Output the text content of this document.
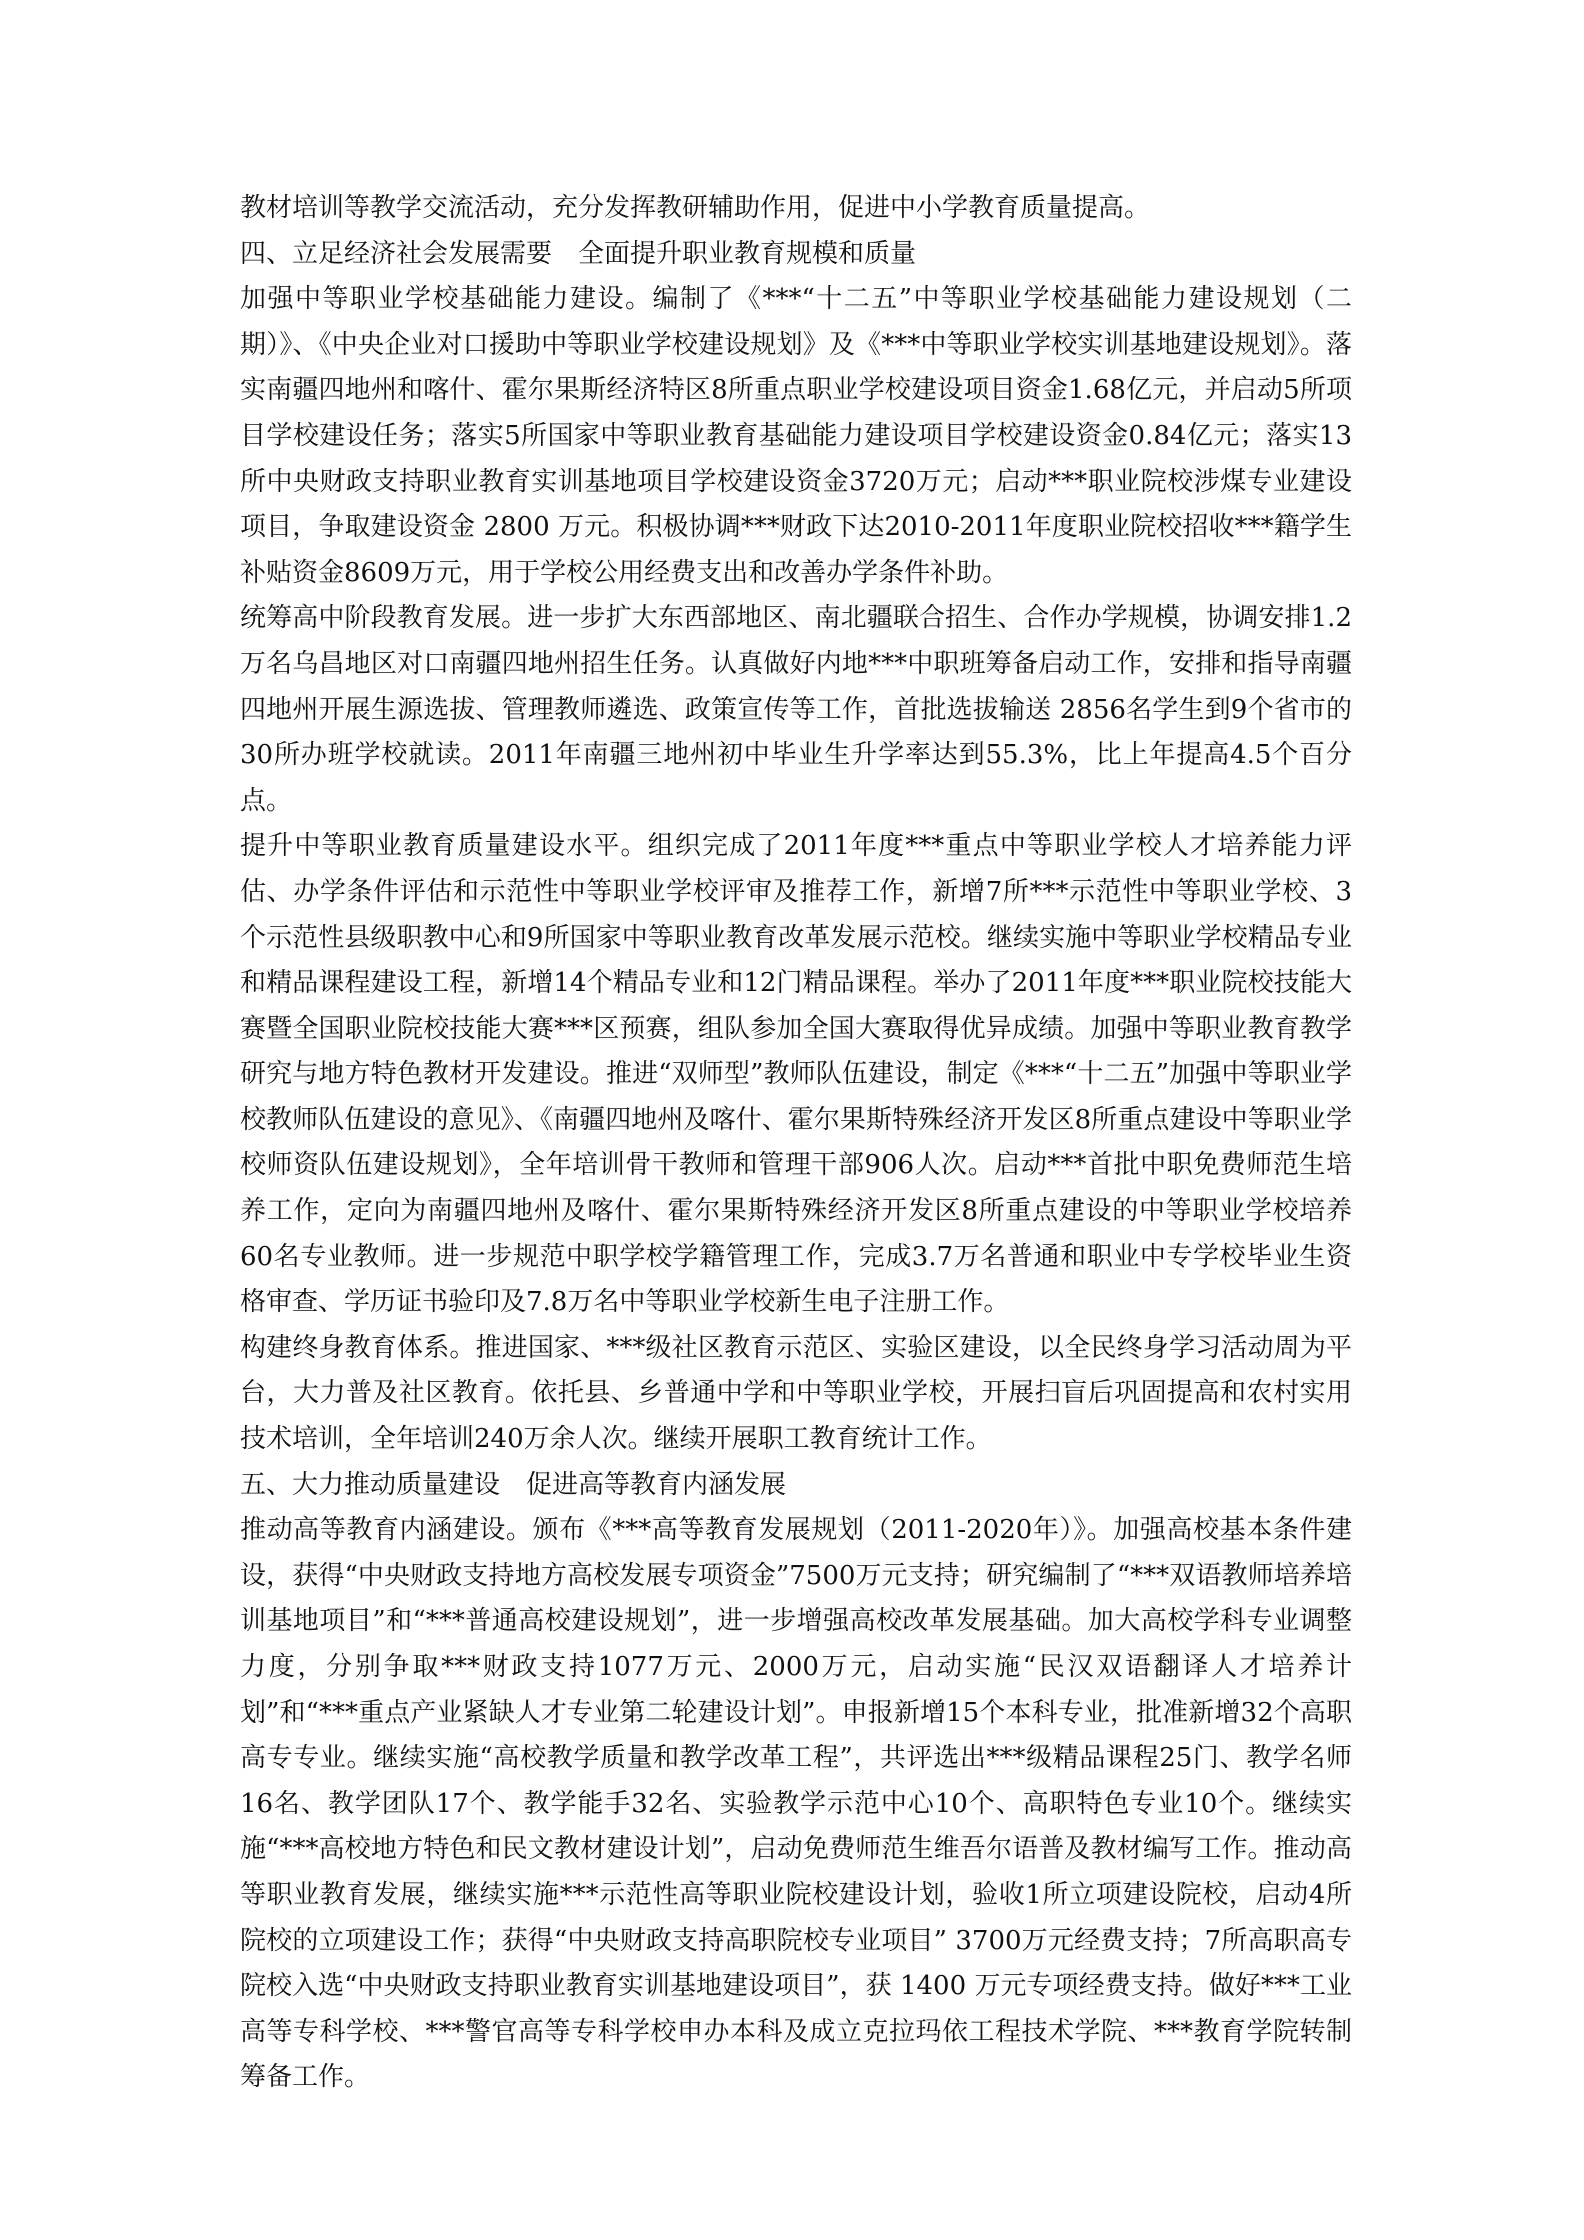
教材培训等教学交流活动，充分发挥教研辅助作用，促进中小学教育质量提高。

四、立足经济社会发展需要　全面提升职业教育规模和质量

加强中等职业学校基础能力建设。编制了《***“十二五”中等职业学校基础能力建设规划（二期）》、《中央企业对口援助中等职业学校建设规划》及《***中等职业学校实训基地建设规划》。落实南疆四地州和喀什、霍尔果斯经济特区8所重点职业学校建设项目资金1.68亿元，并启动5所项目学校建设任务；落实5所国家中等职业教育基础能力建设项目学校建设资金0.84亿元；落实13所中央财政支持职业教育实训基地项目学校建设资金3720万元；启动***职业院校涉煤专业建设项目，争取建设资金 2800 万元。积极协调***财政下达2010-2011年度职业院校招收***籍学生补贴资金8609万元，用于学校公用经费支出和改善办学条件补助。

统筹高中阶段教育发展。进一步扩大东西部地区、南北疆联合招生、合作办学规模，协调安排1.2万名乌昌地区对口南疆四地州招生任务。认真做好内地***中职班筹备启动工作，安排和指导南疆四地州开展生源选拔、管理教师遴选、政策宣传等工作，首批选拔输送 2856名学生到9个省市的30所办班学校就读。2011年南疆三地州初中毕业生升学率达到55.3%，比上年提高4.5个百分点。

提升中等职业教育质量建设水平。组织完成了2011年度***重点中等职业学校人才培养能力评估、办学条件评估和示范性中等职业学校评审及推荐工作，新增7所***示范性中等职业学校、3个示范性县级职教中心和9所国家中等职业教育改革发展示范校。继续实施中等职业学校精品专业和精品课程建设工程，新增14个精品专业和12门精品课程。举办了2011年度***职业院校技能大赛暨全国职业院校技能大赛***区预赛，组队参加全国大赛取得优异成绩。加强中等职业教育教学研究与地方特色教材开发建设。推进“双师型”教师队伍建设，制定《***“十二五”加强中等职业学校教师队伍建设的意见》、《南疆四地州及喀什、霍尔果斯特殊经济开发区8所重点建设中等职业学校师资队伍建设规划》，全年培训骨干教师和管理干部906人次。启动***首批中职免费师范生培养工作，定向为南疆四地州及喀什、霍尔果斯特殊经济开发区8所重点建设的中等职业学校培养60名专业教师。进一步规范中职学校学籍管理工作，完成3.7万名普通和职业中专学校毕业生资格审查、学历证书验印及7.8万名中等职业学校新生电子注册工作。

构建终身教育体系。推进国家、***级社区教育示范区、实验区建设，以全民终身学习活动周为平台，大力普及社区教育。依托县、乡普通中学和中等职业学校，开展扫盲后巩固提高和农村实用技术培训，全年培训240万余人次。继续开展职工教育统计工作。

五、大力推动质量建设　促进高等教育内涵发展

推动高等教育内涵建设。颁布《***高等教育发展规划（2011-2020年）》。加强高校基本条件建设，获得“中央财政支持地方高校发展专项资金”7500万元支持；研究编制了“***双语教师培养培训基地项目”和“***普通高校建设规划”，进一步增强高校改革发展基础。加大高校学科专业调整力度，分别争取***财政支持1077万元、2000万元，启动实施“民汉双语翻译人才培养计划”和“***重点产业紧缺人才专业第二轮建设计划”。申报新增15个本科专业，批准新增32个高职高专专业。继续实施“高校教学质量和教学改革工程”，共评选出***级精品课程25门、教学名师16名、教学团队17个、教学能手32名、实验教学示范中心10个、高职特色专业10个。继续实施“***高校地方特色和民文教材建设计划”，启动免费师范生维吾尔语普及教材编写工作。推动高等职业教育发展，继续实施***示范性高等职业院校建设计划，验收1所立项建设院校，启动4所院校的立项建设工作；获得“中央财政支持高职院校专业项目” 3700万元经费支持；7所高职高专院校入选“中央财政支持职业教育实训基地建设项目”，获 1400 万元专项经费支持。做好***工业高等专科学校、***警官高等专科学校申办本科及成立克拉玛依工程技术学院、***教育学院转制筹备工作。
